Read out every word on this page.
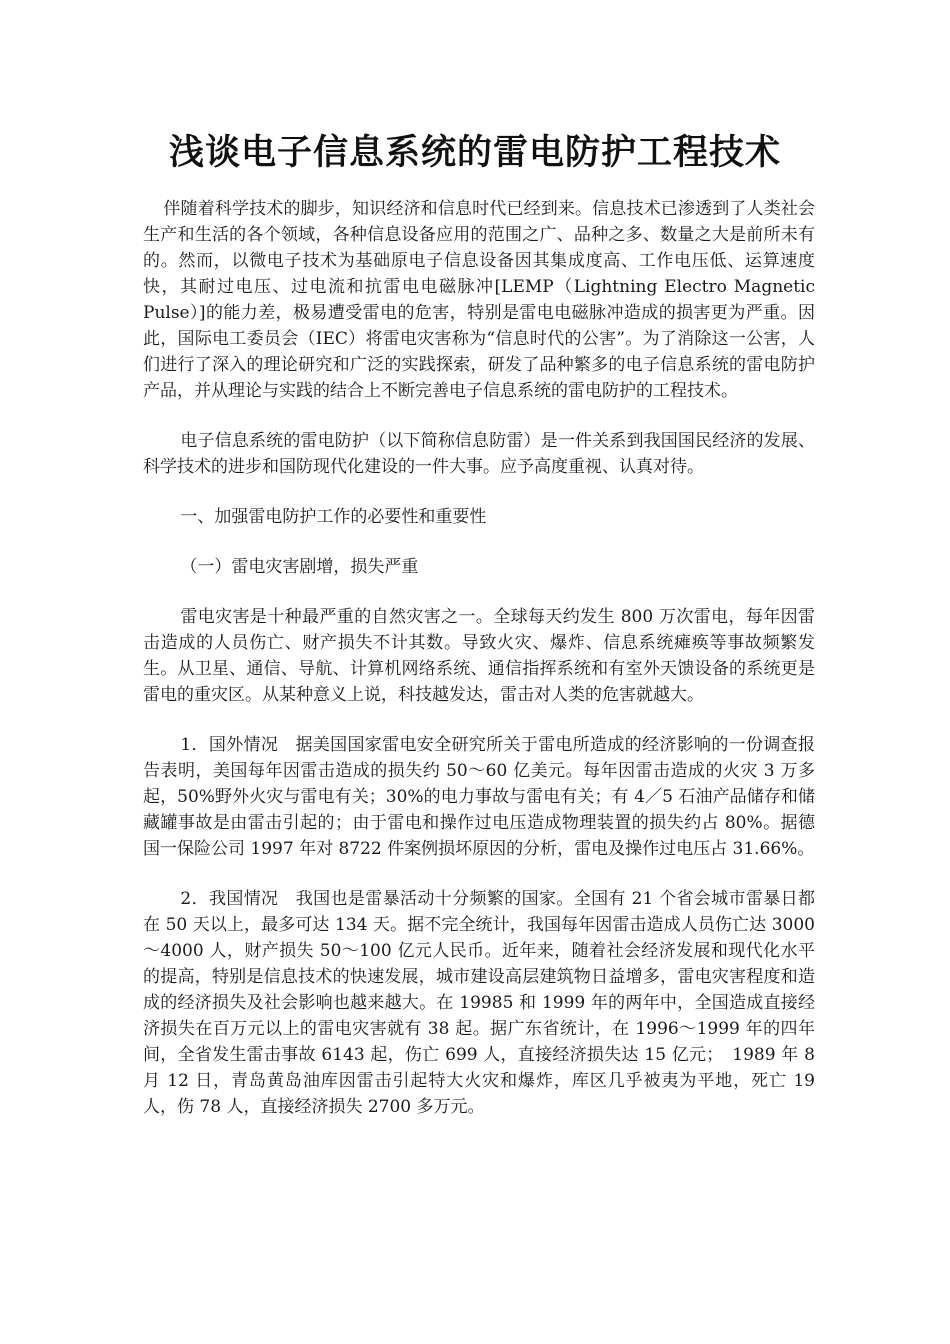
浅谈电子信息系统的雷电防护工程技术

伴随着科学技术的脚步，知识经济和信息时代已经到来。信息技术已渗透到了人类社会生产和生活的各个领域，各种信息设备应用的范围之广、品种之多、数量之大是前所未有的。然而，以微电子技术为基础原电子信息设备因其集成度高、工作电压低、运算速度快，其耐过电压、过电流和抗雷电电磁脉冲[LEMP（Lightning Electro Magnetic Pulse）]的能力差，极易遭受雷电的危害，特别是雷电电磁脉冲造成的损害更为严重。因此，国际电工委员会（IEC）将雷电灾害称为“信息时代的公害”。为了消除这一公害，人们进行了深入的理论研究和广泛的实践探索，研发了品种繁多的电子信息系统的雷电防护产品，并从理论与实践的结合上不断完善电子信息系统的雷电防护的工程技术。

电子信息系统的雷电防护（以下简称信息防雷）是一件关系到我国国民经济的发展、科学技术的进步和国防现代化建设的一件大事。应予高度重视、认真对待。

一、加强雷电防护工作的必要性和重要性

（一）雷电灾害剧增，损失严重

雷电灾害是十种最严重的自然灾害之一。全球每天约发生 800 万次雷电，每年因雷击造成的人员伤亡、财产损失不计其数。导致火灾、爆炸、信息系统瘫痪等事故频繁发生。从卫星、通信、导航、计算机网络系统、通信指挥系统和有室外天馈设备的系统更是雷电的重灾区。从某种意义上说，科技越发达，雷击对人类的危害就越大。

1．国外情况　据美国国家雷电安全研究所关于雷电所造成的经济影响的一份调查报告表明，美国每年因雷击造成的损失约 50～60 亿美元。每年因雷击造成的火灾 3 万多起，50%野外火灾与雷电有关；30%的电力事故与雷电有关；有 4／5 石油产品储存和储藏罐事故是由雷击引起的；由于雷电和操作过电压造成物理装置的损失约占 80%。据德国一保险公司 1997 年对 8722 件案例损坏原因的分析，雷电及操作过电压占 31.66%。

2．我国情况　我国也是雷暴活动十分频繁的国家。全国有 21 个省会城市雷暴日都在 50 天以上，最多可达 134 天。据不完全统计，我国每年因雷击造成人员伤亡达 3000～4000 人，财产损失 50～100 亿元人民币。近年来，随着社会经济发展和现代化水平的提高，特别是信息技术的快速发展，城市建设高层建筑物日益增多，雷电灾害程度和造成的经济损失及社会影响也越来越大。在 19985 和 1999 年的两年中，全国造成直接经济损失在百万元以上的雷电灾害就有 38 起。据广东省统计，在 1996～1999 年的四年间，全省发生雷击事故 6143 起，伤亡 699 人，直接经济损失达 15 亿元；　1989 年 8 月 12 日，青岛黄岛油库因雷击引起特大火灾和爆炸，库区几乎被夷为平地，死亡 19 人，伤 78 人，直接经济损失 2700 多万元。
